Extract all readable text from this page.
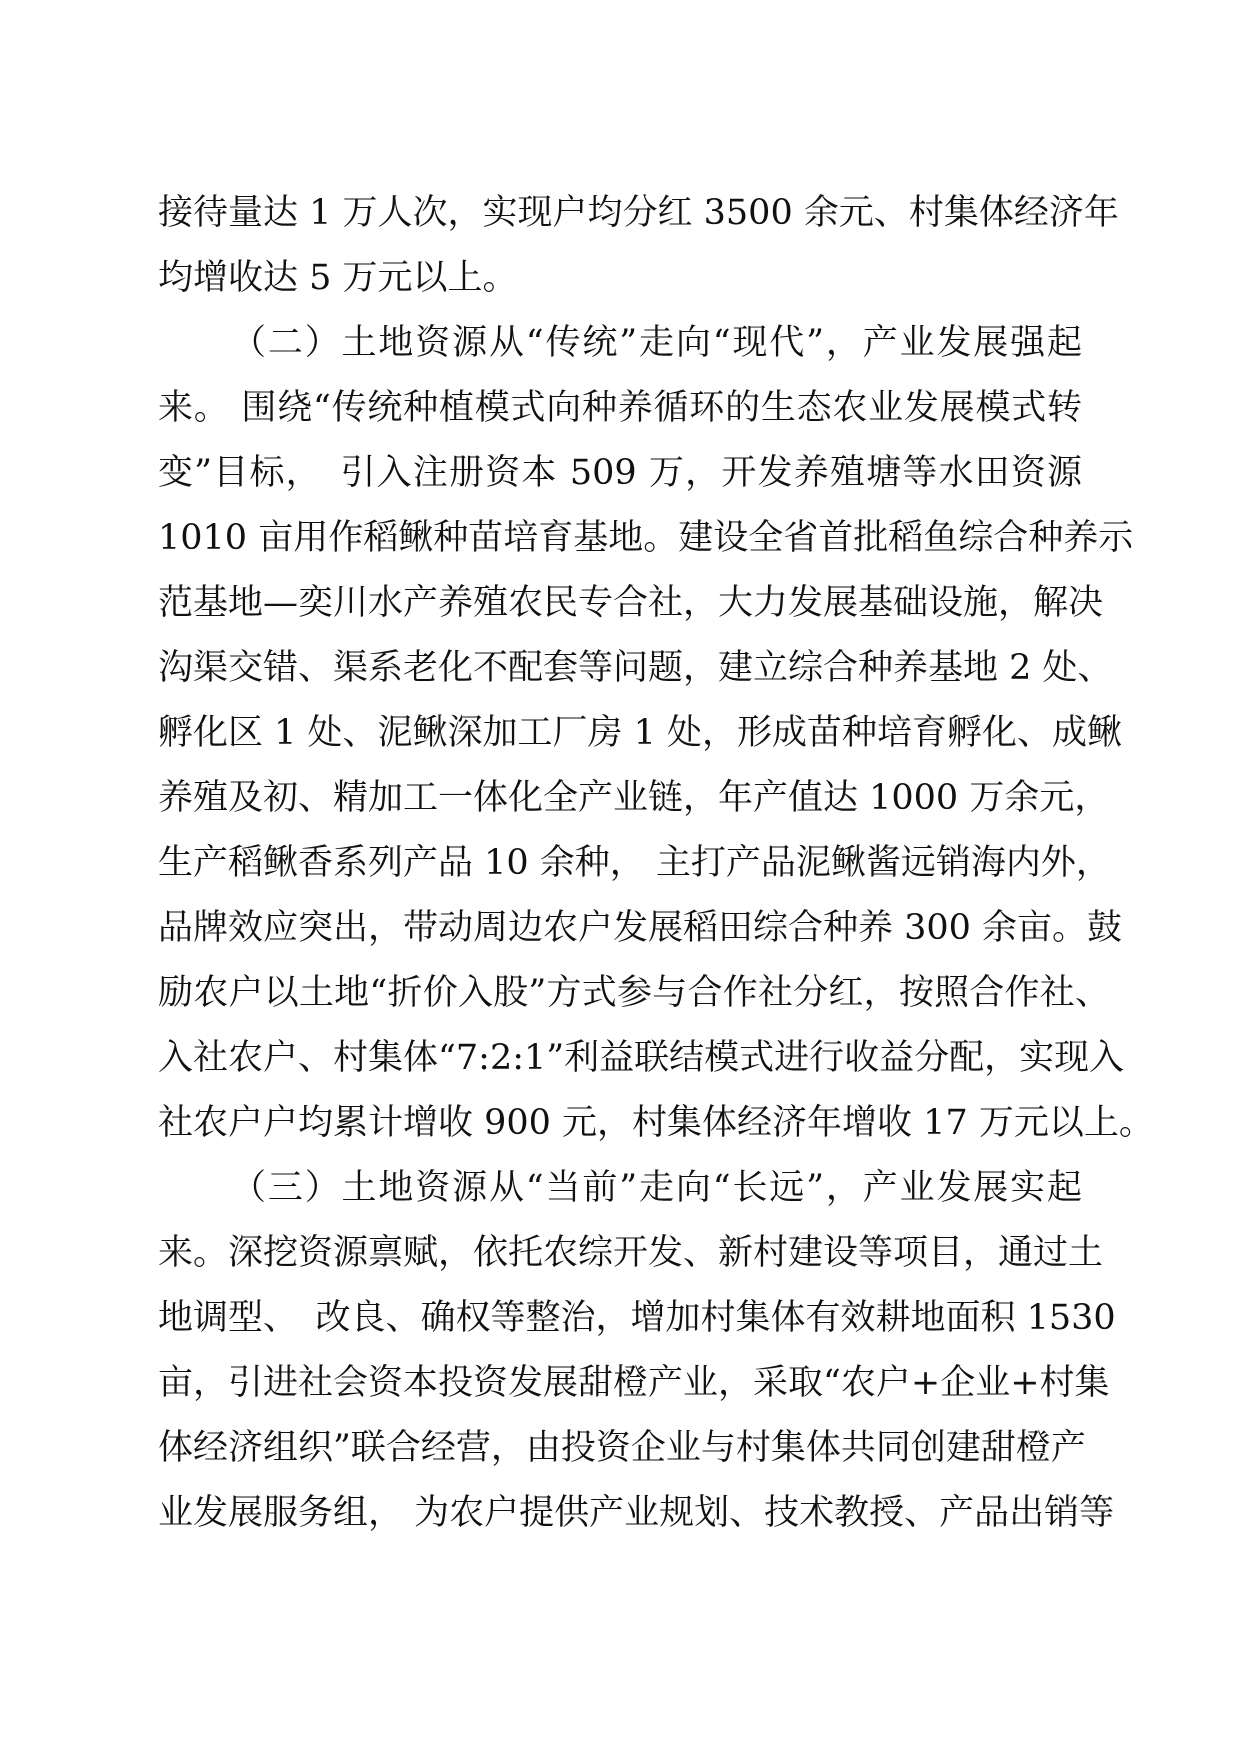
接待量达 1 万人次，实现户均分红 3500 余元、村集体经济年
均增收达 5 万元以上。
（二）土地资源从“传统”走向“现代”，产业发展强起
来。 围绕“传统种植模式向种养循环的生态农业发展模式转
变”目标，　引入注册资本 509 万，开发养殖塘等水田资源
1010 亩用作稻鳅种苗培育基地。建设全省首批稻鱼综合种养示
范基地—奕川水产养殖农民专合社，大力发展基础设施，解决
沟渠交错、渠系老化不配套等问题，建立综合种养基地 2 处、
孵化区 1 处、泥鳅深加工厂房 1 处，形成苗种培育孵化、成鳅
养殖及初、精加工一体化全产业链，年产值达 1000 万余元，
生产稻鳅香系列产品 10 余种， 主打产品泥鳅酱远销海内外，
品牌效应突出，带动周边农户发展稻田综合种养 300 余亩。鼓
励农户以土地“折价入股”方式参与合作社分红，按照合作社、
入社农户、村集体“7:2:1”利益联结模式进行收益分配，实现入
社农户户均累计增收 900 元，村集体经济年增收 17 万元以上。
（三）土地资源从“当前”走向“长远”，产业发展实起
来。深挖资源禀赋，依托农综开发、新村建设等项目，通过土
地调型、　改良、确权等整治，增加村集体有效耕地面积 1530
亩，引进社会资本投资发展甜橙产业，采取“农户+企业+村集
体经济组织”联合经营，由投资企业与村集体共同创建甜橙产
业发展服务组， 为农户提供产业规划、技术教授、产品出销等
